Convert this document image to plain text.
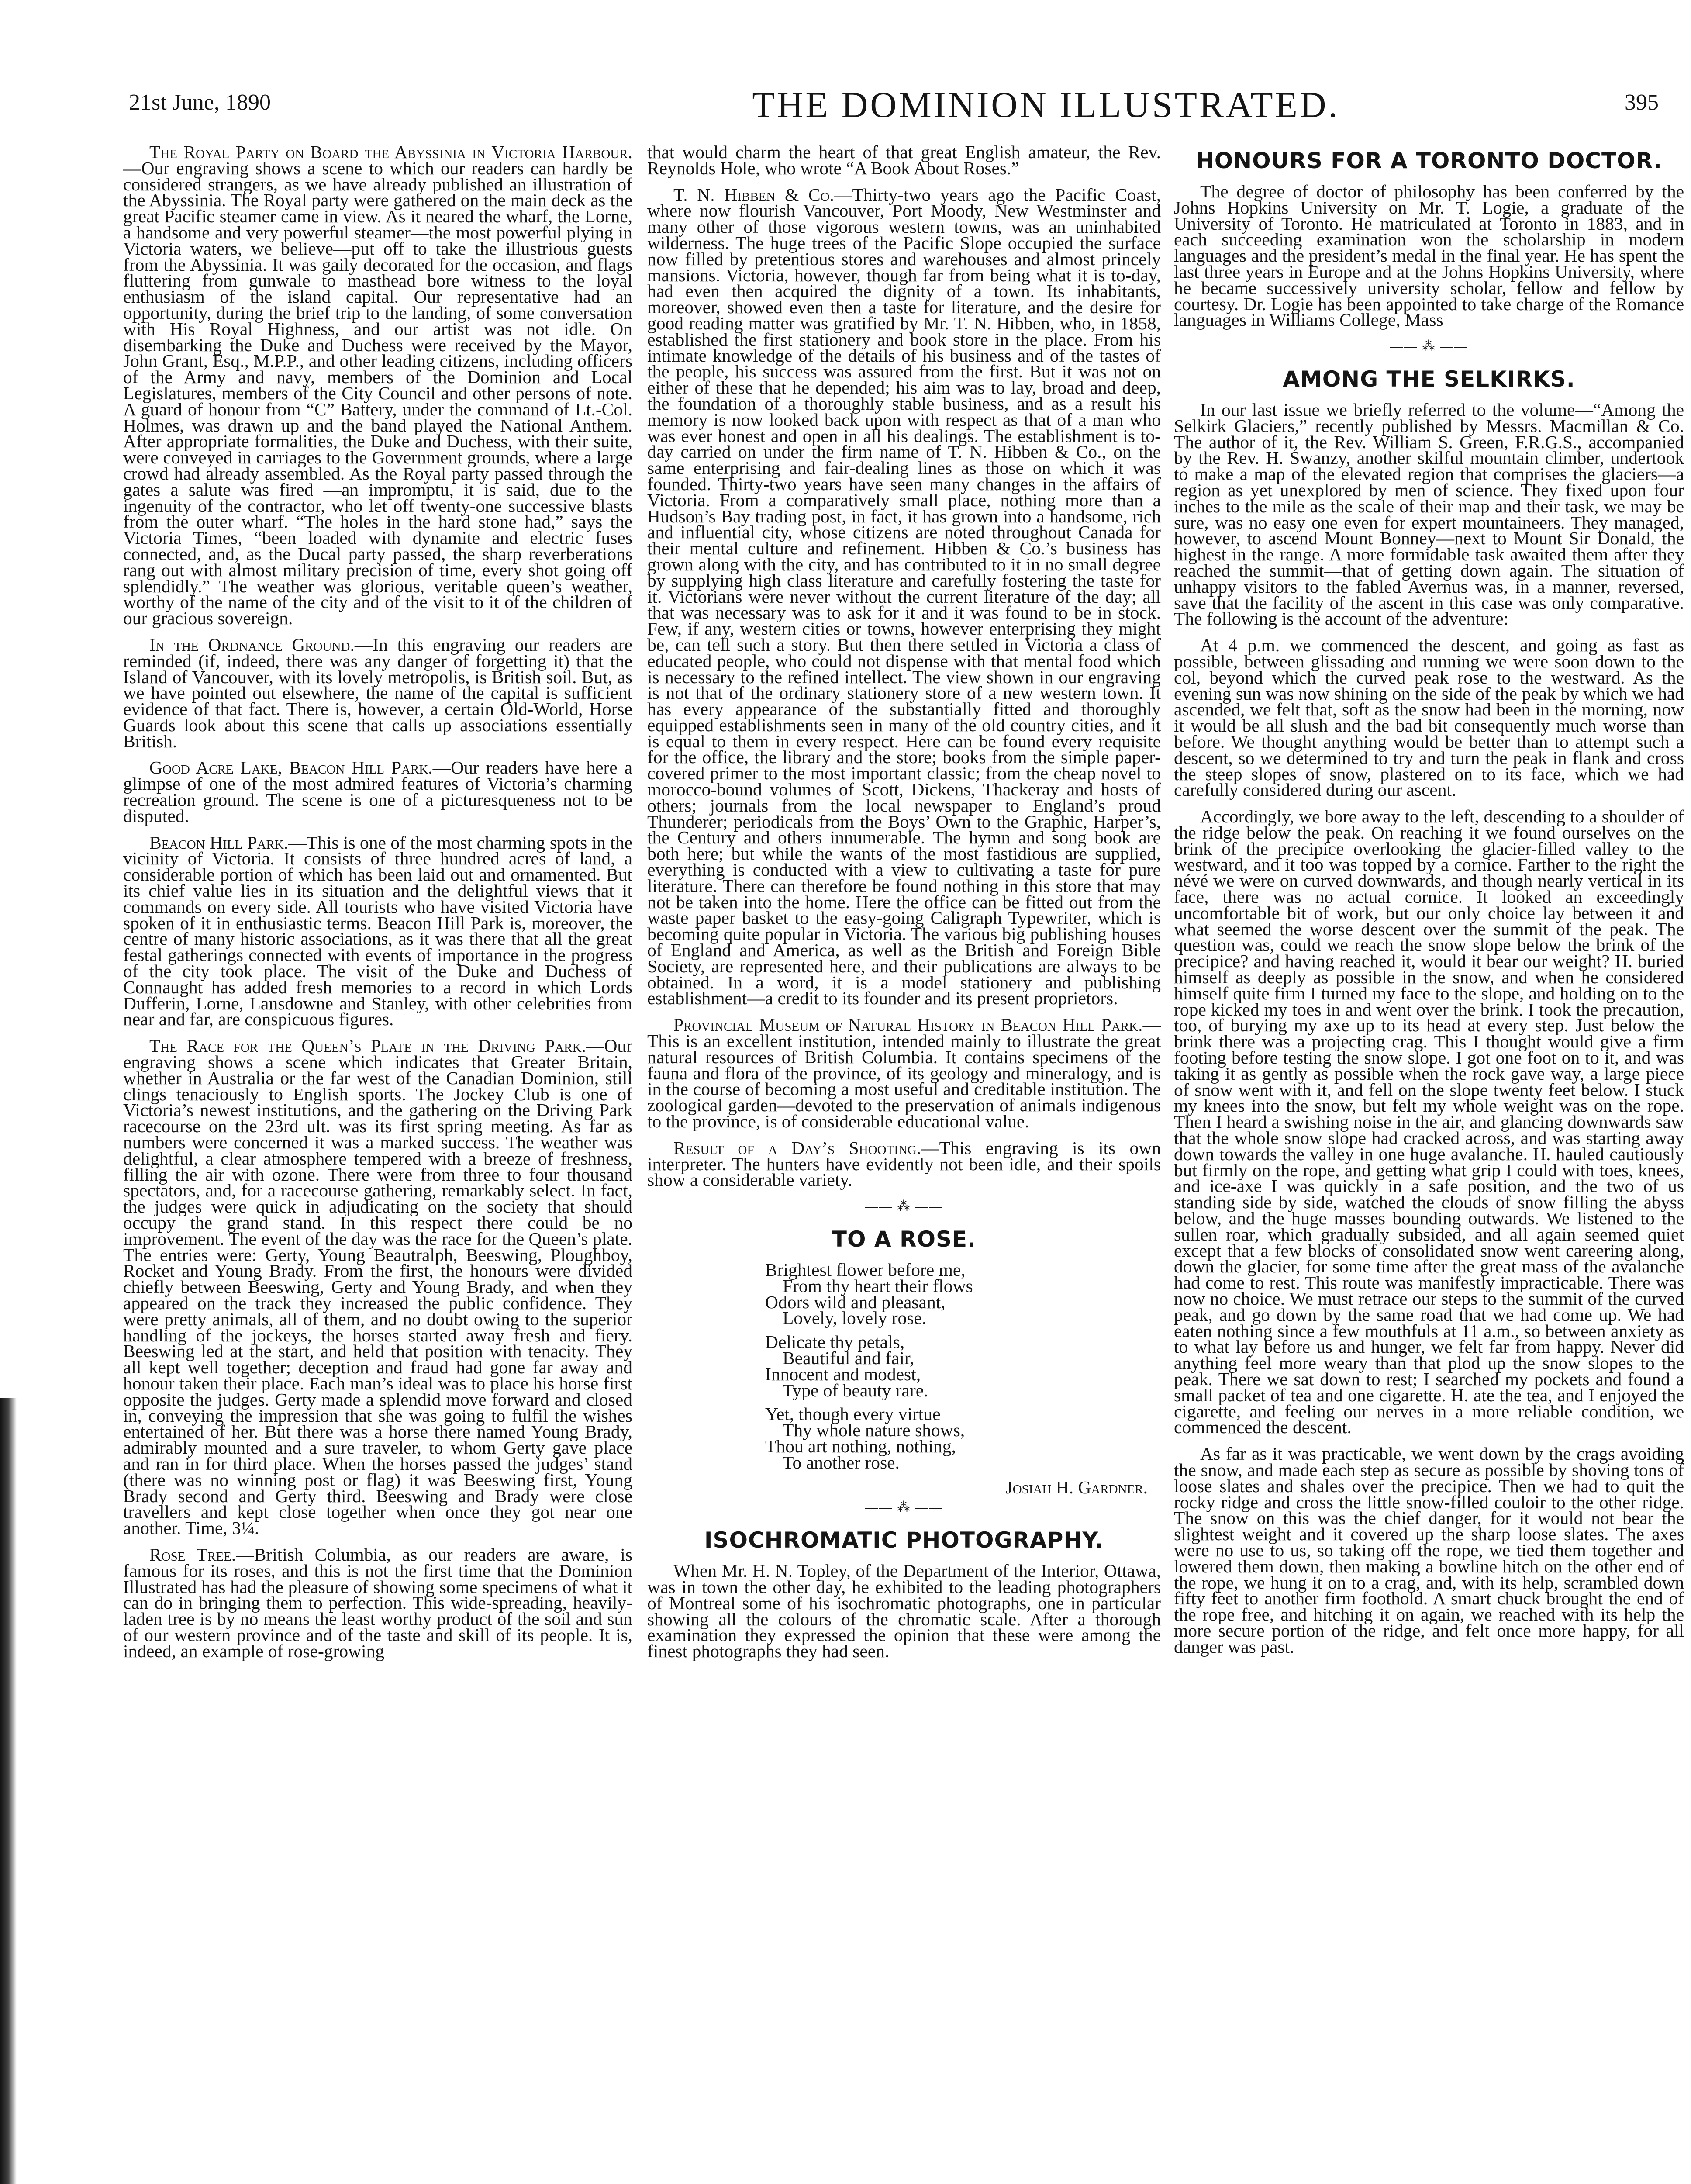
21st June, 1890	THE DOMINION ILLUSTRATED.	395

The Royal Party on Board the Abyssinia in Victoria Harbour.—Our engraving shows a scene to which our readers can hardly be considered strangers, as we have already published an illustration of the Abyssinia. The Royal party were gathered on the main deck as the great Pacific steamer came in view. As it neared the wharf, the Lorne, a handsome and very powerful steamer—the most powerful plying in Victoria waters, we believe—put off to take the illustrious guests from the Abyssinia. It was gaily decorated for the occasion, and flags fluttering from gunwale to masthead bore witness to the loyal enthusiasm of the island capital. Our representative had an opportunity, during the brief trip to the landing, of some conversation with His Royal Highness, and our artist was not idle. On disembarking the Duke and Duchess were received by the Mayor, John Grant, Esq., M.P.P., and other leading citizens, including officers of the Army and navy, members of the Dominion and Local Legislatures, members of the City Council and other persons of note. A guard of honour from “C” Battery, under the command of Lt.-Col. Holmes, was drawn up and the band played the National Anthem. After appropriate formalities, the Duke and Duchess, with their suite, were conveyed in carriages to the Government grounds, where a large crowd had already assembled. As the Royal party passed through the gates a salute was fired —an impromptu, it is said, due to the ingenuity of the contractor, who let off twenty-one successive blasts from the outer wharf. “The holes in the hard stone had,” says the Victoria Times, “been loaded with dynamite and electric fuses connected, and, as the Ducal party passed, the sharp reverberations rang out with almost military precision of time, every shot going off splendidly.” The weather was glorious, veritable queen’s weather, worthy of the name of the city and of the visit to it of the children of our gracious sovereign.

In the Ordnance Ground.—In this engraving our readers are reminded (if, indeed, there was any danger of forgetting it) that the Island of Vancouver, with its lovely metropolis, is British soil. But, as we have pointed out elsewhere, the name of the capital is sufficient evidence of that fact. There is, however, a certain Old-World, Horse Guards look about this scene that calls up associations essentially British.

Good Acre Lake, Beacon Hill Park.—Our readers have here a glimpse of one of the most admired features of Victoria’s charming recreation ground. The scene is one of a picturesqueness not to be disputed.

Beacon Hill Park.—This is one of the most charming spots in the vicinity of Victoria. It consists of three hundred acres of land, a considerable portion of which has been laid out and ornamented. But its chief value lies in its situation and the delightful views that it commands on every side. All tourists who have visited Victoria have spoken of it in enthusiastic terms. Beacon Hill Park is, moreover, the centre of many historic associations, as it was there that all the great festal gatherings connected with events of importance in the progress of the city took place. The visit of the Duke and Duchess of Connaught has added fresh memories to a record in which Lords Dufferin, Lorne, Lansdowne and Stanley, with other celebrities from near and far, are conspicuous figures.

The Race for the Queen’s Plate in the Driving Park.—Our engraving shows a scene which indicates that Greater Britain, whether in Australia or the far west of the Canadian Dominion, still clings tenaciously to English sports. The Jockey Club is one of Victoria’s newest institutions, and the gathering on the Driving Park racecourse on the 23rd ult. was its first spring meeting. As far as numbers were concerned it was a marked success. The weather was delightful, a clear atmosphere tempered with a breeze of freshness, filling the air with ozone. There were from three to four thousand spectators, and, for a racecourse gathering, remarkably select. In fact, the judges were quick in adjudicating on the society that should occupy the grand stand. In this respect there could be no improvement. The event of the day was the race for the Queen’s plate. The entries were: Gerty, Young Beautralph, Beeswing, Ploughboy, Rocket and Young Brady. From the first, the honours were divided chiefly between Beeswing, Gerty and Young Brady, and when they appeared on the track they increased the public confidence. They were pretty animals, all of them, and no doubt owing to the superior handling of the jockeys, the horses started away fresh and fiery. Beeswing led at the start, and held that position with tenacity. They all kept well together; deception and fraud had gone far away and honour taken their place. Each man’s ideal was to place his horse first opposite the judges. Gerty made a splendid move forward and closed in, conveying the impression that she was going to fulfil the wishes entertained of her. But there was a horse there named Young Brady, admirably mounted and a sure traveler, to whom Gerty gave place and ran in for third place. When the horses passed the judges’ stand (there was no winning post or flag) it was Beeswing first, Young Brady second and Gerty third. Beeswing and Brady were close travellers and kept close together when once they got near one another. Time, 3¼.

Rose Tree.—British Columbia, as our readers are aware, is famous for its roses, and this is not the first time that the Dominion Illustrated has had the pleasure of showing some specimens of what it can do in bringing them to perfection. This wide-spreading, heavily-laden tree is by no means the least worthy product of the soil and sun of our western province and of the taste and skill of its people. It is, indeed, an example of rose-growing

that would charm the heart of that great English amateur, the Rev. Reynolds Hole, who wrote “A Book About Roses.”

T. N. Hibben & Co.—Thirty-two years ago the Pacific Coast, where now flourish Vancouver, Port Moody, New Westminster and many other of those vigorous western towns, was an uninhabited wilderness. The huge trees of the Pacific Slope occupied the surface now filled by pretentious stores and warehouses and almost princely mansions. Victoria, however, though far from being what it is to-day, had even then acquired the dignity of a town. Its inhabitants, moreover, showed even then a taste for literature, and the desire for good reading matter was gratified by Mr. T. N. Hibben, who, in 1858, established the first stationery and book store in the place. From his intimate knowledge of the details of his business and of the tastes of the people, his success was assured from the first. But it was not on either of these that he depended; his aim was to lay, broad and deep, the foundation of a thoroughly stable business, and as a result his memory is now looked back upon with respect as that of a man who was ever honest and open in all his dealings. The establishment is to-day carried on under the firm name of T. N. Hibben & Co., on the same enterprising and fair-dealing lines as those on which it was founded. Thirty-two years have seen many changes in the affairs of Victoria. From a comparatively small place, nothing more than a Hudson’s Bay trading post, in fact, it has grown into a handsome, rich and influential city, whose citizens are noted throughout Canada for their mental culture and refinement. Hibben & Co.’s business has grown along with the city, and has contributed to it in no small degree by supplying high class literature and carefully fostering the taste for it. Victorians were never without the current literature of the day; all that was necessary was to ask for it and it was found to be in stock. Few, if any, western cities or towns, however enterprising they might be, can tell such a story. But then there settled in Victoria a class of educated people, who could not dispense with that mental food which is necessary to the refined intellect. The view shown in our engraving is not that of the ordinary stationery store of a new western town. It has every appearance of the substantially fitted and thoroughly equipped establishments seen in many of the old country cities, and it is equal to them in every respect. Here can be found every requisite for the office, the library and the store; books from the simple paper-covered primer to the most important classic; from the cheap novel to morocco-bound volumes of Scott, Dickens, Thackeray and hosts of others; journals from the local newspaper to England’s proud Thunderer; periodicals from the Boys’ Own to the Graphic, Harper’s, the Century and others innumerable. The hymn and song book are both here; but while the wants of the most fastidious are supplied, everything is conducted with a view to cultivating a taste for pure literature. There can therefore be found nothing in this store that may not be taken into the home. Here the office can be fitted out from the waste paper basket to the easy-going Caligraph Typewriter, which is becoming quite popular in Victoria. The various big publishing houses of England and America, as well as the British and Foreign Bible Society, are represented here, and their publications are always to be obtained. In a word, it is a model stationery and publishing establishment—a credit to its founder and its present proprietors.

Provincial Museum of Natural History in Beacon Hill Park.—This is an excellent institution, intended mainly to illustrate the great natural resources of British Columbia. It contains specimens of the fauna and flora of the province, of its geology and mineralogy, and is in the course of becoming a most useful and creditable institution. The zoological garden—devoted to the preservation of animals indigenous to the province, is of considerable educational value.

Result of a Day’s Shooting.—This engraving is its own interpreter. The hunters have evidently not been idle, and their spoils show a considerable variety.

—— ⁂ ——
TO A ROSE.
Brightest flower before me,
From thy heart their flows
Odors wild and pleasant,
Lovely, lovely rose.
Delicate thy petals,
Beautiful and fair,
Innocent and modest,
Type of beauty rare.
Yet, though every virtue
Thy whole nature shows,
Thou art nothing, nothing,
To another rose.
Josiah H. Gardner.
—— ⁂ ——
ISOCHROMATIC PHOTOGRAPHY.

When Mr. H. N. Topley, of the Department of the Interior, Ottawa, was in town the other day, he exhibited to the leading photographers of Montreal some of his isochromatic photographs, one in particular showing all the colours of the chromatic scale. After a thorough examination they expressed the opinion that these were among the finest photographs they had seen.

HONOURS FOR A TORONTO DOCTOR.

The degree of doctor of philosophy has been conferred by the Johns Hopkins University on Mr. T. Logie, a graduate of the University of Toronto. He matriculated at Toronto in 1883, and in each succeeding examination won the scholarship in modern languages and the president’s medal in the final year. He has spent the last three years in Europe and at the Johns Hopkins University, where he became successively university scholar, fellow and fellow by courtesy. Dr. Logie has been appointed to take charge of the Romance languages in Williams College, Mass

—— ⁂ ——
AMONG THE SELKIRKS.

In our last issue we briefly referred to the volume—“Among the Selkirk Glaciers,” recently published by Messrs. Macmillan & Co. The author of it, the Rev. William S. Green, F.R.G.S., accompanied by the Rev. H. Swanzy, another skilful mountain climber, undertook to make a map of the elevated region that comprises the glaciers—a region as yet unexplored by men of science. They fixed upon four inches to the mile as the scale of their map and their task, we may be sure, was no easy one even for expert mountaineers. They managed, however, to ascend Mount Bonney—next to Mount Sir Donald, the highest in the range. A more formidable task awaited them after they reached the summit—that of getting down again. The situation of unhappy visitors to the fabled Avernus was, in a manner, reversed, save that the facility of the ascent in this case was only comparative. The following is the account of the adventure:

At 4 p.m. we commenced the descent, and going as fast as possible, between glissading and running we were soon down to the col, beyond which the curved peak rose to the westward. As the evening sun was now shining on the side of the peak by which we had ascended, we felt that, soft as the snow had been in the morning, now it would be all slush and the bad bit consequently much worse than before. We thought anything would be better than to attempt such a descent, so we determined to try and turn the peak in flank and cross the steep slopes of snow, plastered on to its face, which we had carefully considered during our ascent.

Accordingly, we bore away to the left, descending to a shoulder of the ridge below the peak. On reaching it we found ourselves on the brink of the precipice overlooking the glacier-filled valley to the westward, and it too was topped by a cornice. Farther to the right the névé we were on curved downwards, and though nearly vertical in its face, there was no actual cornice. It looked an exceedingly uncomfortable bit of work, but our only choice lay between it and what seemed the worse descent over the summit of the peak. The question was, could we reach the snow slope below the brink of the precipice? and having reached it, would it bear our weight? H. buried himself as deeply as possible in the snow, and when he considered himself quite firm I turned my face to the slope, and holding on to the rope kicked my toes in and went over the brink. I took the precaution, too, of burying my axe up to its head at every step. Just below the brink there was a projecting crag. This I thought would give a firm footing before testing the snow slope. I got one foot on to it, and was taking it as gently as possible when the rock gave way, a large piece of snow went with it, and fell on the slope twenty feet below. I stuck my knees into the snow, but felt my whole weight was on the rope. Then I heard a swishing noise in the air, and glancing downwards saw that the whole snow slope had cracked across, and was starting away down towards the valley in one huge avalanche. H. hauled cautiously but firmly on the rope, and getting what grip I could with toes, knees, and ice-axe I was quickly in a safe position, and the two of us standing side by side, watched the clouds of snow filling the abyss below, and the huge masses bounding outwards. We listened to the sullen roar, which gradually subsided, and all again seemed quiet except that a few blocks of consolidated snow went careering along, down the glacier, for some time after the great mass of the avalanche had come to rest. This route was manifestly impracticable. There was now no choice. We must retrace our steps to the summit of the curved peak, and go down by the same road that we had come up. We had eaten nothing since a few mouthfuls at 11 a.m., so between anxiety as to what lay before us and hunger, we felt far from happy. Never did anything feel more weary than that plod up the snow slopes to the peak. There we sat down to rest; I searched my pockets and found a small packet of tea and one cigarette. H. ate the tea, and I enjoyed the cigarette, and feeling our nerves in a more reliable condition, we commenced the descent.

As far as it was practicable, we went down by the crags avoiding the snow, and made each step as secure as possible by shoving tons of loose slates and shales over the precipice. Then we had to quit the rocky ridge and cross the little snow-filled couloir to the other ridge. The snow on this was the chief danger, for it would not bear the slightest weight and it covered up the sharp loose slates. The axes were no use to us, so taking off the rope, we tied them together and lowered them down, then making a bowline hitch on the other end of the rope, we hung it on to a crag, and, with its help, scrambled down fifty feet to another firm foothold. A smart chuck brought the end of the rope free, and hitching it on again, we reached with its help the more secure portion of the ridge, and felt once more happy, for all danger was past.
